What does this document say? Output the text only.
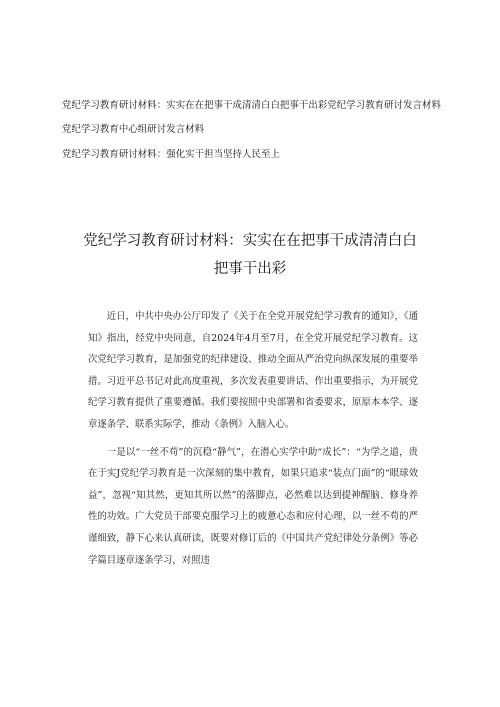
党纪学习教育研讨材料：实实在在把事干成清清白白把事干出彩党纪学习教育研讨发言材料
党纪学习教育中心组研讨发言材料
党纪学习教育研讨材料：强化实干担当坚持人民至上
党纪学习教育研讨材料：实实在在把事干成清清白白把事干出彩

近日，中共中央办公厅印发了《关于在全党开展党纪学习教育的通知》，《通知》指出，经党中央同意，自2024年4月至7月，在全党开展党纪学习教育。这次党纪学习教育，是加强党的纪律建设、推动全面从严治党向纵深发展的重要举措。习近平总书记对此高度重视，多次发表重要讲话、作出重要指示，为开展党纪学习教育提供了重要遵循。我们要按照中央部署和省委要求，原原本本学、逐章逐条学、联系实际学，推动《条例》入脑入心。

一是以“一丝不苟”的沉稳“静气”，在潜心实学中助“成长”：“为学之道，贵在于实J党纪学习教育是一次深刻的集中教育，如果只追求“装点门面”的“眼球效益”，忽视“知其然，更知其所以然”的落脚点，必然难以达到提神醒脑、修身养性的功效。广大党员干部要克服学习上的疲惫心态和应付心理，以一丝不苟的严谨细致，静下心来认真研读，既要对修订后的《中国共产党纪律处分条例》等必学篇目逐章逐条学习，对照违
